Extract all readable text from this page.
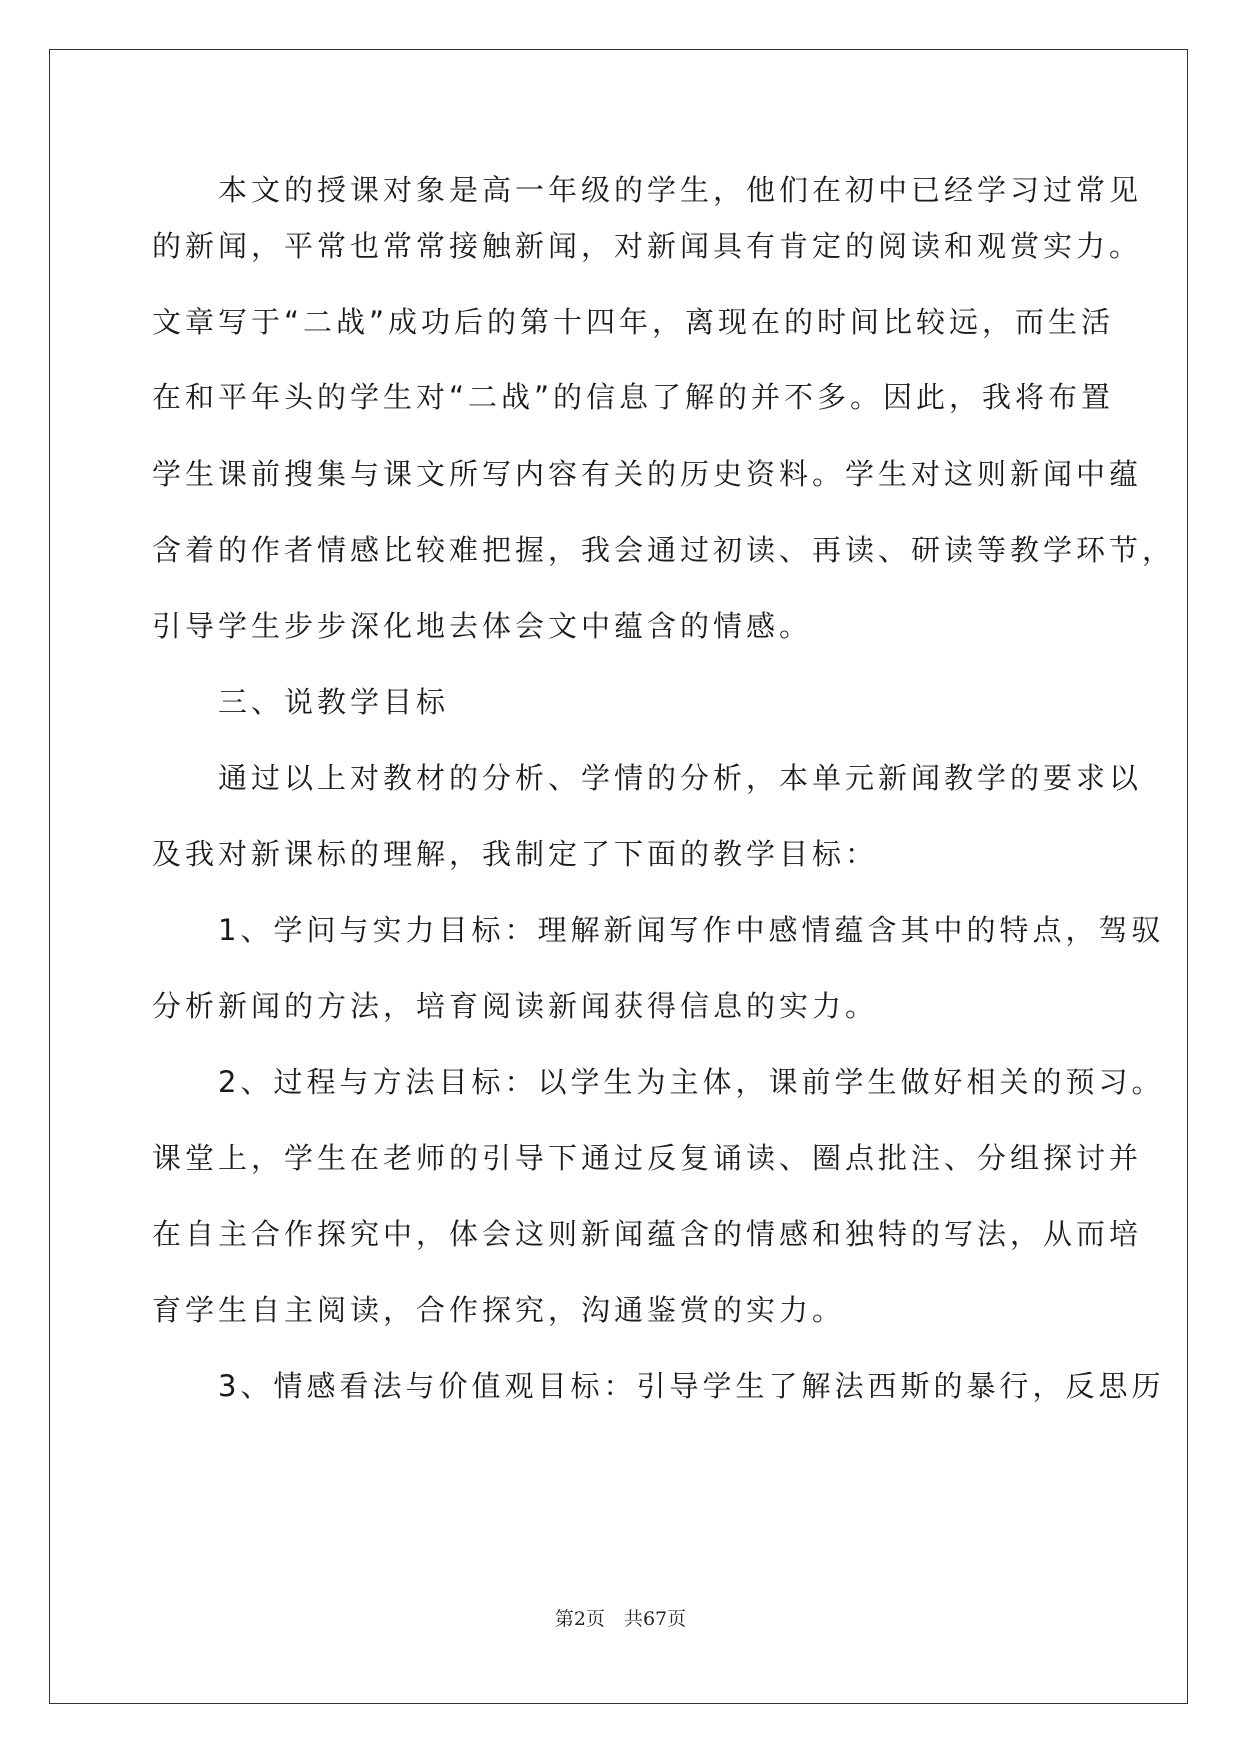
　　本文的授课对象是高一年级的学生，他们在初中已经学习过常见
的新闻，平常也常常接触新闻，对新闻具有肯定的阅读和观赏实力。
文章写于“二战”成功后的第十四年，离现在的时间比较远，而生活
在和平年头的学生对“二战”的信息了解的并不多。因此，我将布置
学生课前搜集与课文所写内容有关的历史资料。学生对这则新闻中蕴
含着的作者情感比较难把握，我会通过初读、再读、研读等教学环节，
引导学生步步深化地去体会文中蕴含的情感。
　　三、说教学目标
　　通过以上对教材的分析、学情的分析，本单元新闻教学的要求以
及我对新课标的理解，我制定了下面的教学目标：
　　1、学问与实力目标：理解新闻写作中感情蕴含其中的特点，驾驭
分析新闻的方法，培育阅读新闻获得信息的实力。
　　2、过程与方法目标：以学生为主体，课前学生做好相关的预习。
课堂上，学生在老师的引导下通过反复诵读、圈点批注、分组探讨并
在自主合作探究中，体会这则新闻蕴含的情感和独特的写法，从而培
育学生自主阅读，合作探究，沟通鉴赏的实力。
　　3、情感看法与价值观目标：引导学生了解法西斯的暴行，反思历
第2页　共67页
